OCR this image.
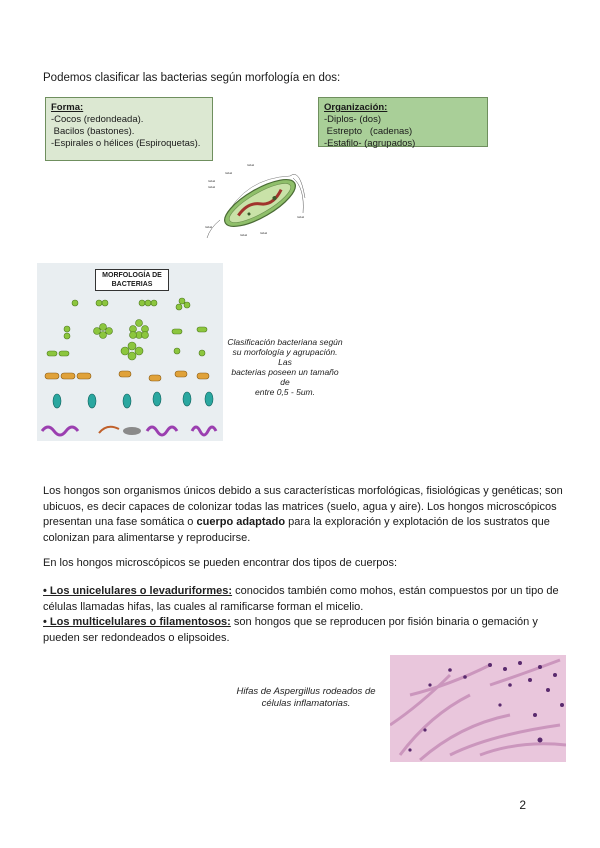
Podemos clasificar las bacterias según morfología en dos:
Forma:
-Cocos (redondeada).
Bacilos (bastones).
-Espirales o hélices (Espiroquetas).
Organización:
-Diplos- (dos)
Estrepto   (cadenas)
-Estafilo- (agrupados)
label
label
label
label
label
label	label
label
MORFOLOGÍA DE BACTERIAS
Clasificación bacteriana según
su morfología y agrupación. Las
bacterias poseen un tamaño de
entre 0,5 - 5um.
Los hongos son organismos únicos debido a sus características morfológicas, fisiológicas y genéticas; son ubicuos, es decir capaces de colonizar todas las matrices (suelo, agua y aire). Los hongos microscópicos presentan una fase somática o cuerpo adaptado para la exploración y explotación de los sustratos que colonizan para alimentarse y reproducirse.
En los hongos microscópicos se pueden encontrar dos tipos de cuerpos:
• Los unicelulares o levaduriformes: conocidos también como mohos, están compuestos por un tipo de células llamadas hifas, las cuales al ramificarse forman el micelio.
• Los multicelulares o filamentosos: son hongos que se reproducen por fisión binaria o gemación y pueden ser redondeados o elipsoides.
Hifas de Aspergillus rodeados de
células inflamatorias.
2
